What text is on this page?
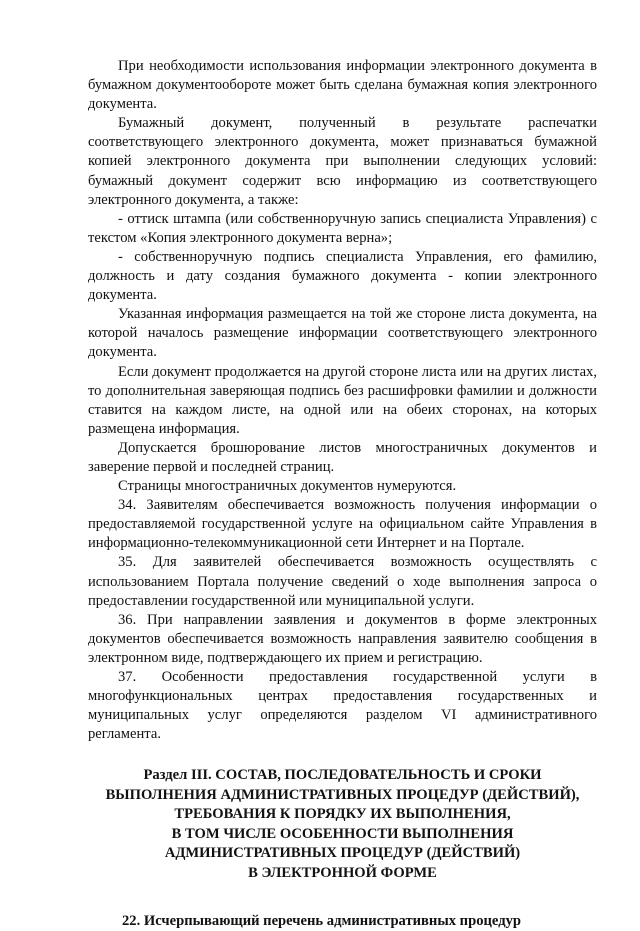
При необходимости использования информации электронного документа в бумажном документообороте может быть сделана бумажная копия электронного документа.

Бумажный документ, полученный в результате распечатки соответствующего электронного документа, может признаваться бумажной копией электронного документа при выполнении следующих условий: бумажный документ содержит всю информацию из соответствующего электронного документа, а также:

- оттиск штампа (или собственноручную запись специалиста Управления) с текстом «Копия электронного документа верна»;

- собственноручную подпись специалиста Управления, его фамилию, должность и дату создания бумажного документа - копии электронного документа.

Указанная информация размещается на той же стороне листа документа, на которой началось размещение информации соответствующего электронного документа.

Если документ продолжается на другой стороне листа или на других листах, то дополнительная заверяющая подпись без расшифровки фамилии и должности ставится на каждом листе, на одной или на обеих сторонах, на которых размещена информация.

Допускается брошюрование листов многостраничных документов и заверение первой и последней страниц.

Страницы многостраничных документов нумеруются.

34. Заявителям обеспечивается возможность получения информации о предоставляемой государственной услуге на официальном сайте Управления в информационно-телекоммуникационной сети Интернет и на Портале.

35. Для заявителей обеспечивается возможность осуществлять с использованием Портала получение сведений о ходе выполнения запроса о предоставлении государственной или муниципальной услуги.

36. При направлении заявления и документов в форме электронных документов обеспечивается возможность направления заявителю сообщения в электронном виде, подтверждающего их прием и регистрацию.

37. Особенности предоставления государственной услуги в многофункциональных центрах предоставления государственных и муниципальных услуг определяются разделом VI административного регламента.

Раздел III. СОСТАВ, ПОСЛЕДОВАТЕЛЬНОСТЬ И СРОКИ
ВЫПОЛНЕНИЯ АДМИНИСТРАТИВНЫХ ПРОЦЕДУР (ДЕЙСТВИЙ),
ТРЕБОВАНИЯ К ПОРЯДКУ ИХ ВЫПОЛНЕНИЯ,
В ТОМ ЧИСЛЕ ОСОБЕННОСТИ ВЫПОЛНЕНИЯ
АДМИНИСТРАТИВНЫХ ПРОЦЕДУР (ДЕЙСТВИЙ)
В ЭЛЕКТРОННОЙ ФОРМЕ
22. Исчерпывающий перечень административных процедур
